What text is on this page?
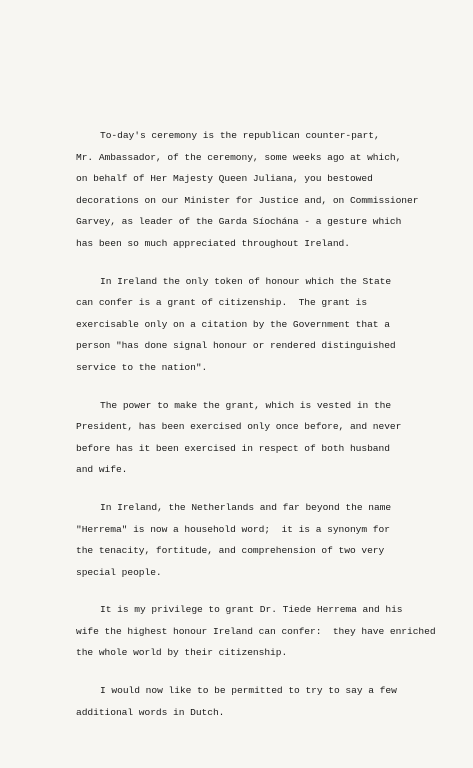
To-day's ceremony is the republican counter-part,
Mr. Ambassador, of the ceremony, some weeks ago at which,
on behalf of Her Majesty Queen Juliana, you bestowed
decorations on our Minister for Justice and, on Commissioner
Garvey, as leader of the Garda Síochána - a gesture which
has been so much appreciated throughout Ireland.

In Ireland the only token of honour which the State
can confer is a grant of citizenship.  The grant is
exercisable only on a citation by the Government that a
person "has done signal honour or rendered distinguished
service to the nation".

The power to make the grant, which is vested in the
President, has been exercised only once before, and never
before has it been exercised in respect of both husband
and wife.

In Ireland, the Netherlands and far beyond the name
"Herrema" is now a household word;  it is a synonym for
the tenacity, fortitude, and comprehension of two very
special people.

It is my privilege to grant Dr. Tiede Herrema and his
wife the highest honour Ireland can confer:  they have enriched
the whole world by their citizenship.

I would now like to be permitted to try to say a few
additional words in Dutch.
